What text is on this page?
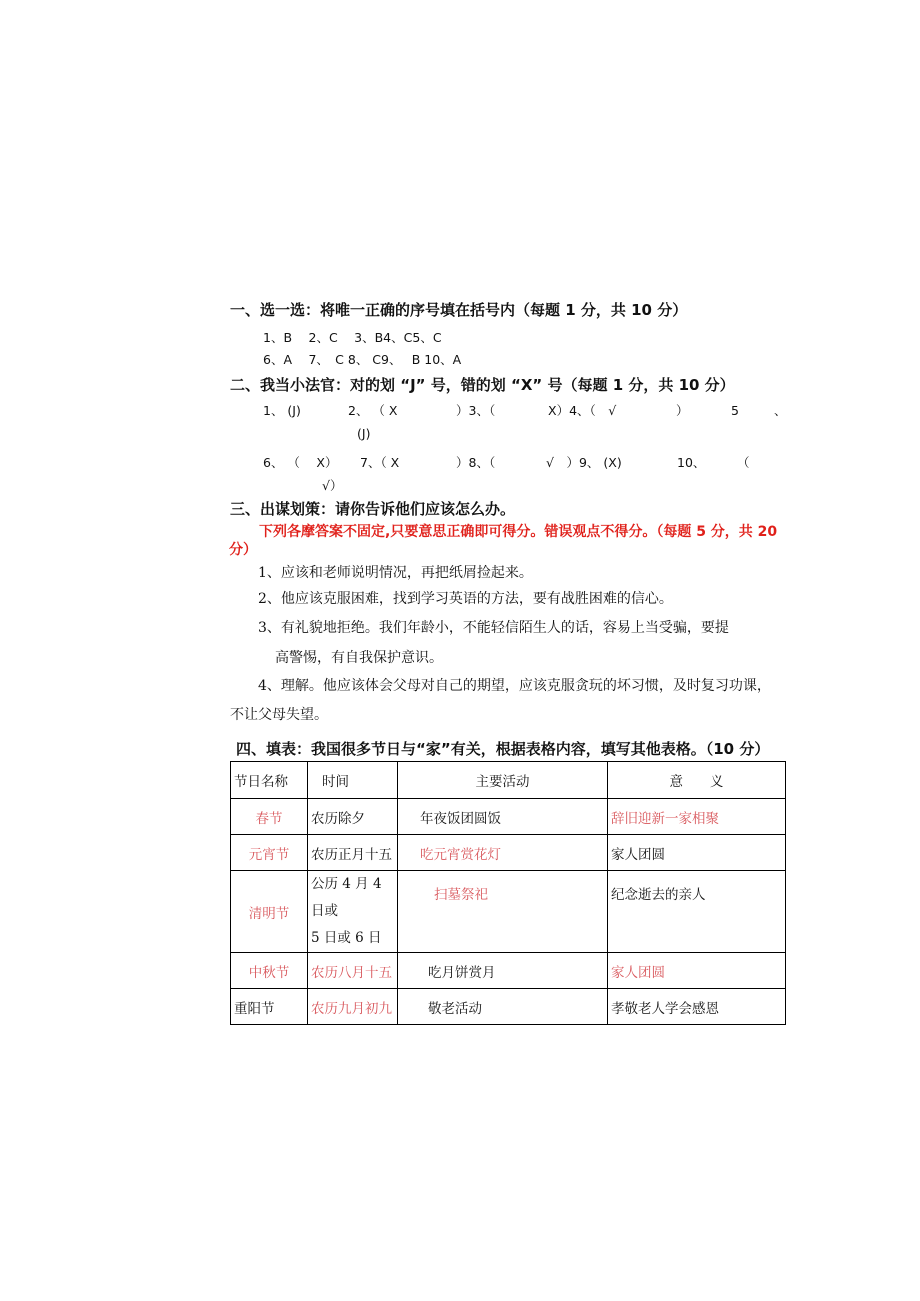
一、选一选：将唯一正确的序号填在括号内（每题 1 分，共 10 分）
1、B　 2、C　 3、B4、C5、C
6、A　 7、　C 8、 C9、　 B 10、A
二、我当小法官：对的划 “J” 号，错的划 “X” 号（每题 1 分，共 10 分）
1、 (J)	2、 （ X	）3、（	X）4、（　√	）	5	、
(J)
6、 （　 X） 7、（ X	）8、（	√　）9、 (X)	10、	（
√）
三、出谋划策：请你告诉他们应该怎么办。
下列各摩答案不固定,只要意思正确即可得分。错误观点不得分。（每题 5 分，共 20
分）
1、应该和老师说明情况，再把纸屑捡起来。
2、他应该克服困难，找到学习英语的方法，要有战胜困难的信心。
3、有礼貌地拒绝。我们年龄小，不能轻信陌生人的话，容易上当受骗，要提
高警惕，有自我保护意识。
4、理解。他应该体会父母对自己的期望，应该克服贪玩的坏习惯，及时复习功课，
不让父母失望。
四、填表：我国很多节日与“家”有关，根据表格内容，填写其他表格。（10 分）
节日名称	时间	主要活动	意　　义
春节	农历除夕	年夜饭团圆饭	辞旧迎新一家相聚
元宵节	农历正月十五	吃元宵赏花灯	家人团圆
清明节	公历 4 月 4 日或
5 日或 6 日	扫墓祭祀	纪念逝去的亲人
中秋节	农历八月十五	吃月饼赏月	家人团圆
重阳节	农历九月初九	敬老活动	孝敬老人学会感恩
